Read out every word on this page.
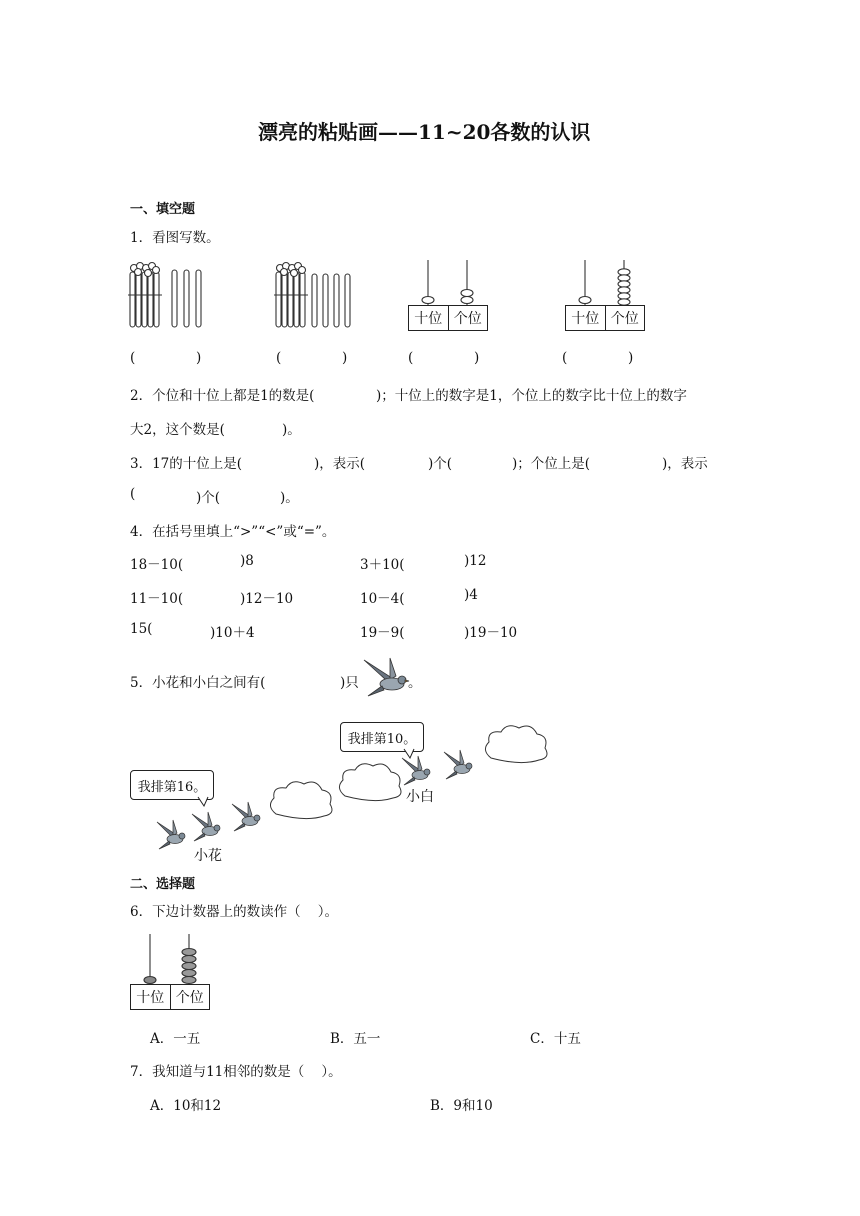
漂亮的粘贴画——11~20各数的认识
一、填空题
1．看图写数。
十位 个位	十位 个位
(	)	(	)	(	)	(	)
2．个位和十位上都是1的数是(	)；十位上的数字是1，个位上的数字比十位上的数字
大2，这个数是(	)。
3．17的十位上是(	)，表示(	)个(	)；个位上是(	)，表示
(	)个(	)。
4．在括号里填上“>”“<”或“=”。
18－10(	)8	3＋10(	)12
11－10(	)12－10	10－4(	)4
15(	)10＋4	19－9(	)19－10
5．小花和小白之间有(	)只	。
我排第16。
我排第10。
小花
小白
二、选择题
6．下边计数器上的数读作（    ）。
十位 个位
A．一五	B．五一	C．十五
7．我知道与11相邻的数是（    ）。
A．10和12	B．9和10
